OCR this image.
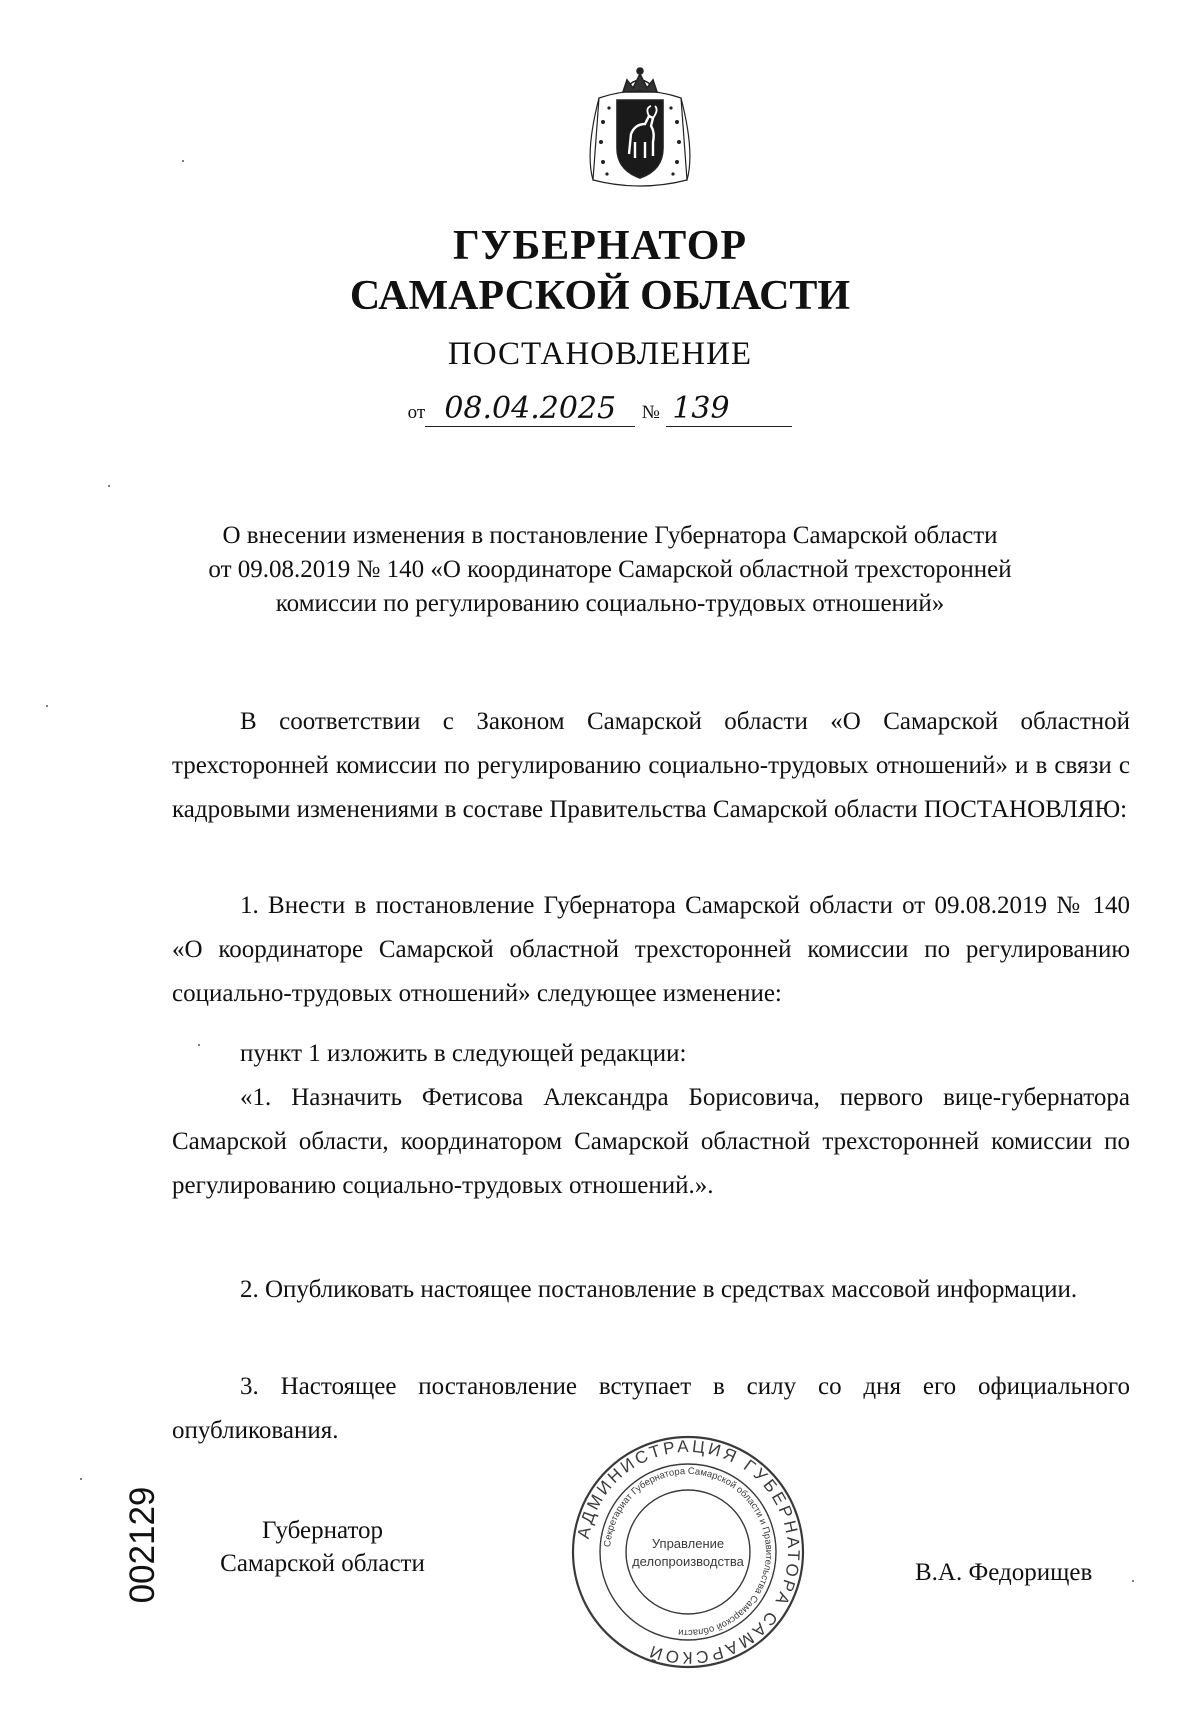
ГУБЕРНАТОР
САМАРСКОЙ ОБЛАСТИ
ПОСТАНОВЛЕНИЕ
от 08.04.2025 № 139
О внесении изменения в постановление Губернатора Самарской области
от 09.08.2019 № 140 «О координаторе Самарской областной трехсторонней
комиссии по регулированию социально-трудовых отношений»

В соответствии с Законом Самарской области «О Самарской областной трехсторонней комиссии по регулированию социально-трудовых отношений» и в связи с кадровыми изменениями в составе Правительства Самарской области ПОСТАНОВЛЯЮ:

1. Внести в постановление Губернатора Самарской области от 09.08.2019 № 140 «О координаторе Самарской областной трехсторонней комиссии по регулированию социально-трудовых отношений» следующее изменение:

пункт 1 изложить в следующей редакции:

«1. Назначить Фетисова Александра Борисовича, первого вице-губернатора Самарской области, координатором Самарской областной трехсторонней комиссии по регулированию социально-трудовых отношений.».

2. Опубликовать настоящее постановление в средствах массовой информации.

3. Настоящее постановление вступает в силу со дня его официального опубликования.

Губернатор
Самарской области	В.А. Федорищев
002129	АДМИНИСТРАЦИЯ ГУБЕРНАТОРА САМАРСКОЙ
Секретариат Губернатора Самарской области и Правительства Самарской области
Управление
делопроизводства
